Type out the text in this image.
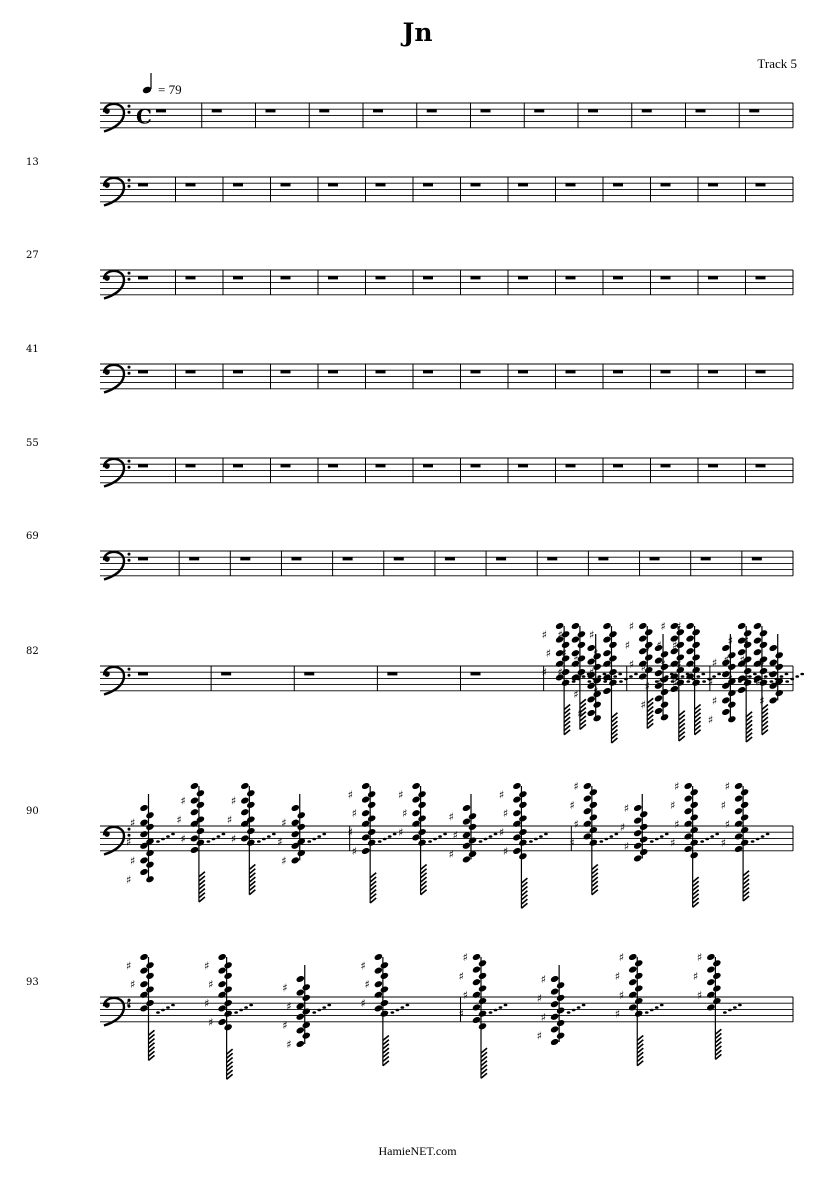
Jn
Track 5
= 79
C
13
27
41
55
69
82
♯
♯
♯
♯
♯
♯
♯
♯
♯
♯
♯
♯
♯
♯
♯
♯
♯
♯
♯
♯
♯
♯
♯
♯
♯
♯
♯
♯
♯
♯
♯
♯
♯
♯
♯
♯
♯
♯
♯
♯
♯
♯
90
♯
♯
♯
♯
♯
♯
♯
♯
♯
♯
♯
♯
♯
♯
♯
♯
♯
♯
♯
♯
♯
♯
♯
♯
♯
♯
♯
♯
♯
♯
♯
♯
♯
♯
♯
♯
♯
♯
♯
♯
♯
♯
93
♯
♯
♯
♯
♯
♯
♯
♯
♯
♯
♯
♯
♯
♯
♯
♯
♯
♯
♯
♯
♯
♯
♯
♯
♯
♯
♯
♯
♯
HamieNET.com
